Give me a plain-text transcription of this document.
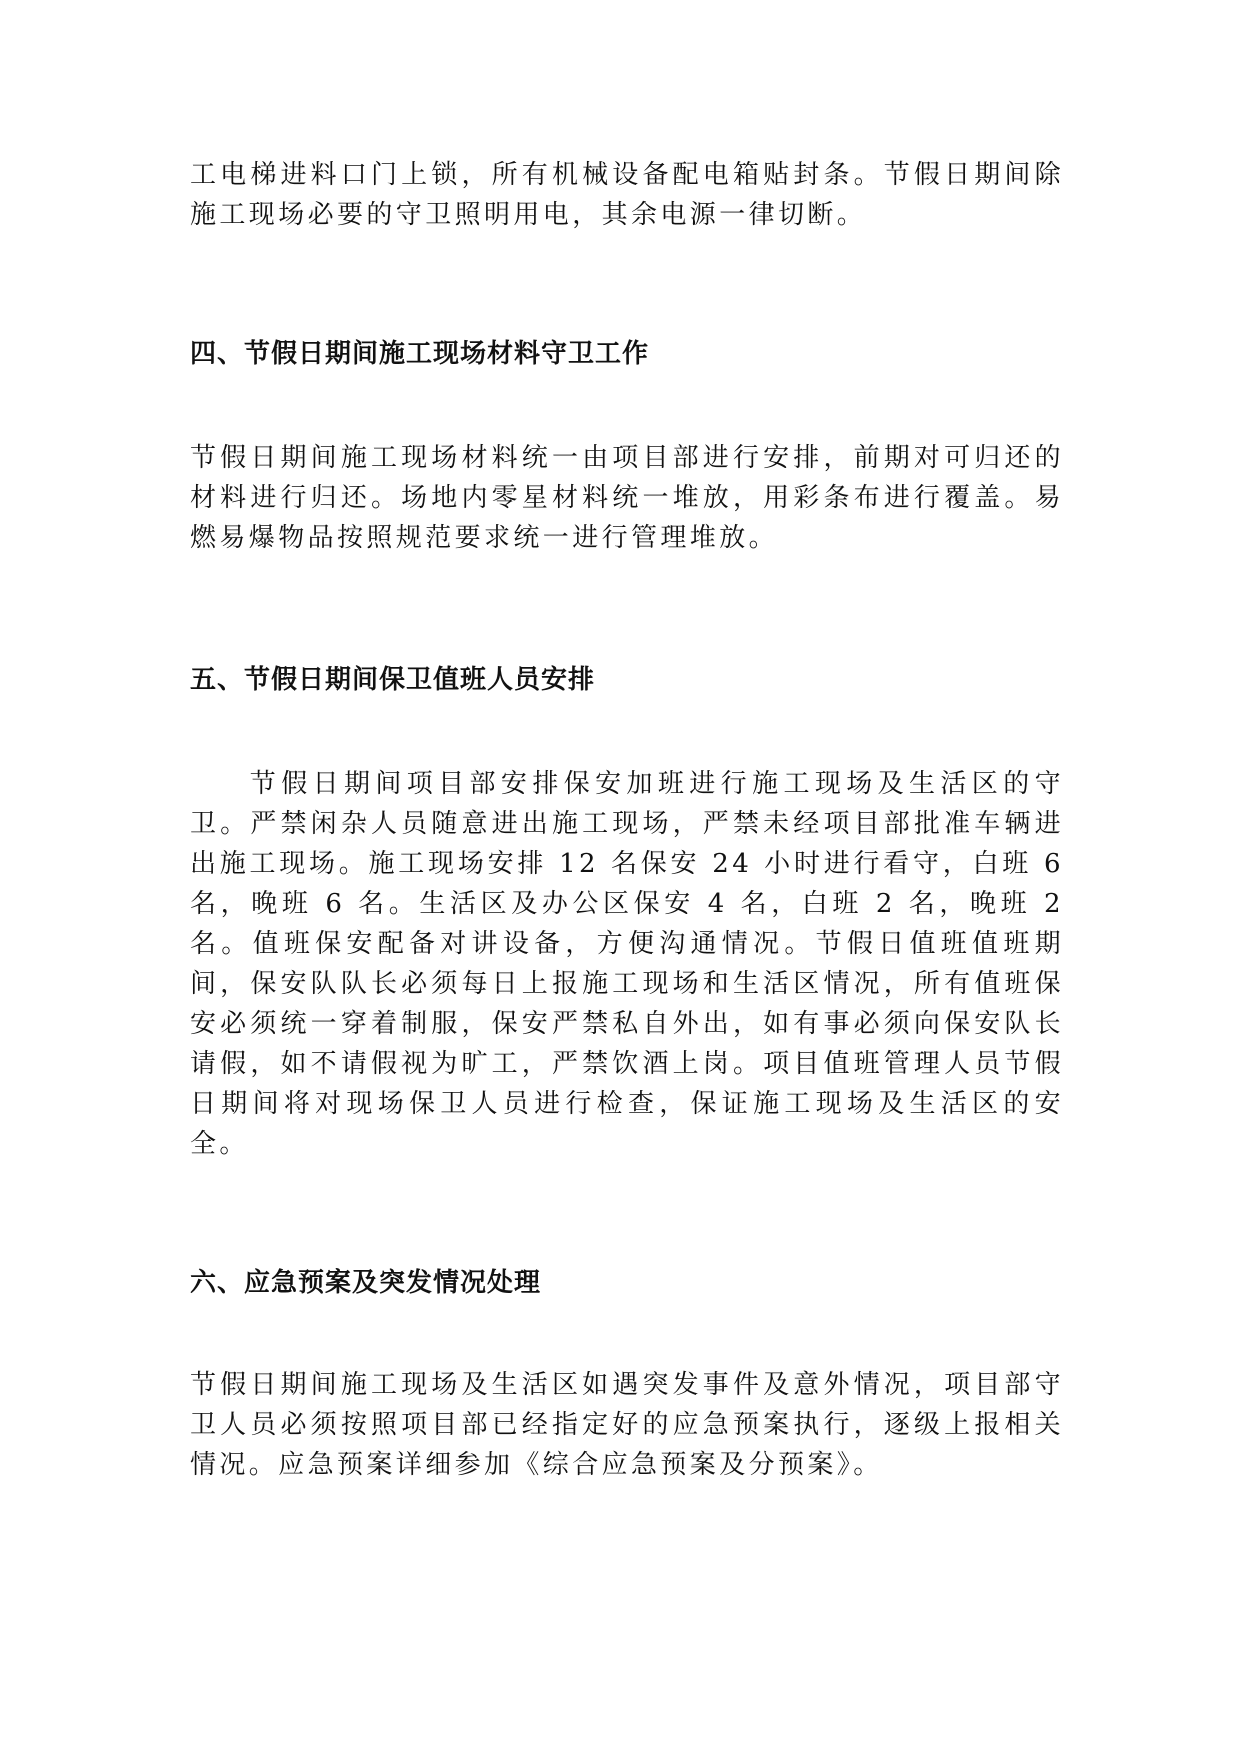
工电梯进料口门上锁，所有机械设备配电箱贴封条。节假日期间除施工现场必要的守卫照明用电，其余电源一律切断。

四、节假日期间施工现场材料守卫工作

节假日期间施工现场材料统一由项目部进行安排，前期对可归还的材料进行归还。场地内零星材料统一堆放，用彩条布进行覆盖。易燃易爆物品按照规范要求统一进行管理堆放。

五、节假日期间保卫值班人员安排

节假日期间项目部安排保安加班进行施工现场及生活区的守卫。严禁闲杂人员随意进出施工现场，严禁未经项目部批准车辆进出施工现场。施工现场安排 12 名保安 24 小时进行看守，白班 6 名，晚班 6 名。生活区及办公区保安 4 名，白班 2 名，晚班 2 名。值班保安配备对讲设备，方便沟通情况。节假日值班值班期间，保安队队长必须每日上报施工现场和生活区情况，所有值班保安必须统一穿着制服，保安严禁私自外出，如有事必须向保安队长请假，如不请假视为旷工，严禁饮酒上岗。项目值班管理人员节假日期间将对现场保卫人员进行检查，保证施工现场及生活区的安全。

六、应急预案及突发情况处理

节假日期间施工现场及生活区如遇突发事件及意外情况，项目部守卫人员必须按照项目部已经指定好的应急预案执行，逐级上报相关情况。应急预案详细参加《综合应急预案及分预案》。
